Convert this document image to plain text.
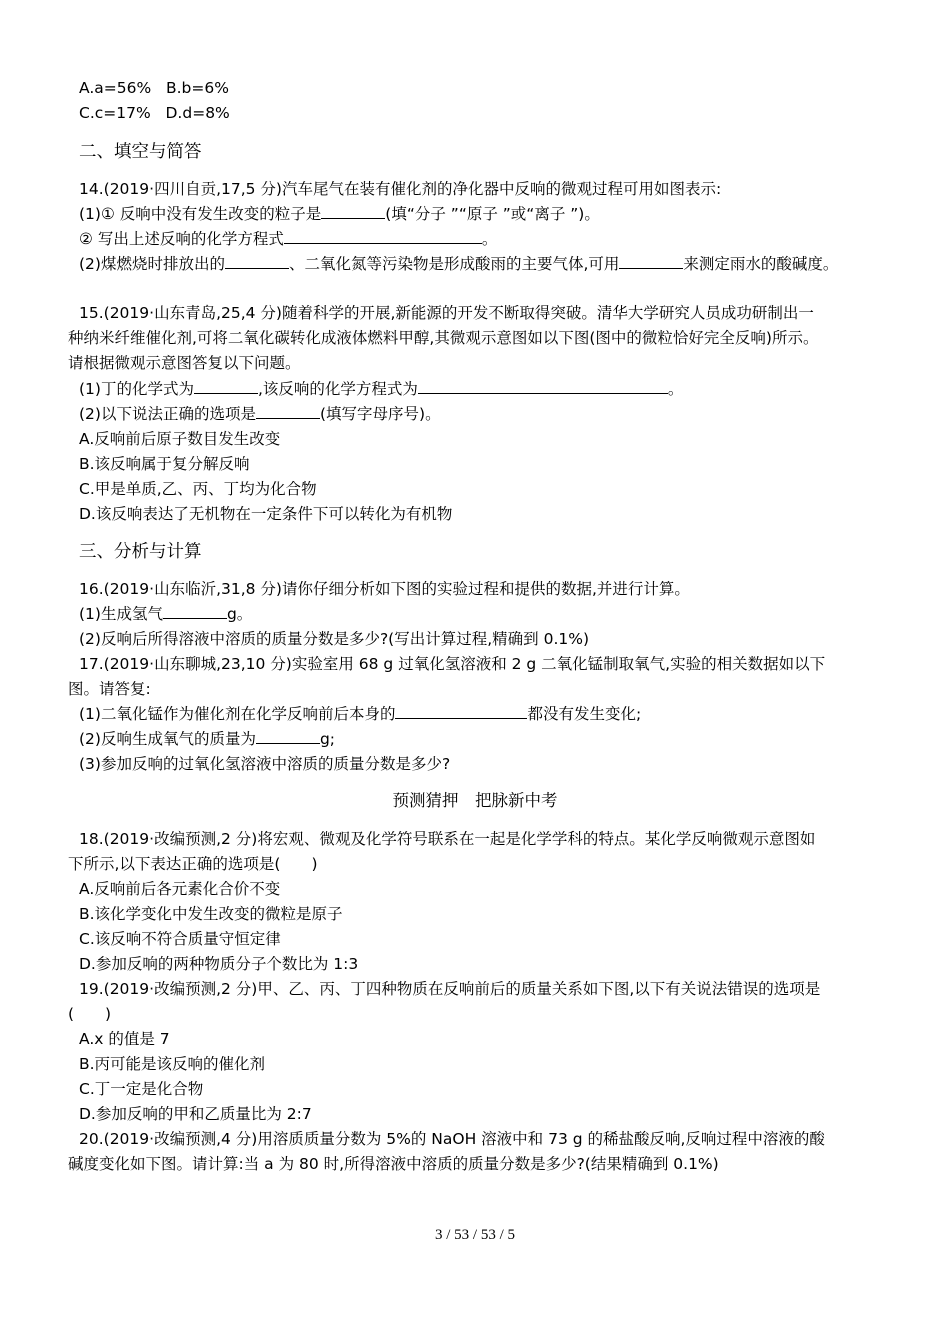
A.a=56% B.b=6%
C.c=17% D.d=8%
二、填空与简答
14.(2019·四川自贡,17,5 分)汽车尾气在装有催化剂的净化器中反响的微观过程可用如图表示:
(1)① 反响中没有发生改变的粒子是	(填“分子 ”“原子 ”或“离子 ”)。
② 写出上述反响的化学方程式	。
(2)煤燃烧时排放出的	、二氧化氮等污染物是形成酸雨的主要气体,可用	来测定雨水的酸碱度。
15.(2019·山东青岛,25,4 分)随着科学的开展,新能源的开发不断取得突破。清华大学研究人员成功研制出一
种纳米纤维催化剂,可将二氧化碳转化成液体燃料甲醇,其微观示意图如以下图(图中的微粒恰好完全反响)所示。
请根据微观示意图答复以下问题。
(1)丁的化学式为	,该反响的化学方程式为	。
(2)以下说法正确的选项是	(填写字母序号)。
A.反响前后原子数目发生改变
B.该反响属于复分解反响
C.甲是单质,乙、丙、丁均为化合物
D.该反响表达了无机物在一定条件下可以转化为有机物
三、分析与计算
16.(2019·山东临沂,31,8 分)请你仔细分析如下图的实验过程和提供的数据,并进行计算。
(1)生成氢气	g。
(2)反响后所得溶液中溶质的质量分数是多少?(写出计算过程,精确到 0.1%)
17.(2019·山东聊城,23,10 分)实验室用 68 g 过氧化氢溶液和 2 g 二氧化锰制取氧气,实验的相关数据如以下
图。请答复:
(1)二氧化锰作为催化剂在化学反响前后本身的	都没有发生变化;
(2)反响生成氧气的质量为	g;
(3)参加反响的过氧化氢溶液中溶质的质量分数是多少?
预测猜押　把脉新中考
18.(2019·改编预测,2 分)将宏观、微观及化学符号联系在一起是化学学科的特点。某化学反响微观示意图如
下所示,以下表达正确的选项是(　　)
A.反响前后各元素化合价不变
B.该化学变化中发生改变的微粒是原子
C.该反响不符合质量守恒定律
D.参加反响的两种物质分子个数比为 1:3
19.(2019·改编预测,2 分)甲、乙、丙、丁四种物质在反响前后的质量关系如下图,以下有关说法错误的选项是
(　　)
A.x 的值是 7
B.丙可能是该反响的催化剂
C.丁一定是化合物
D.参加反响的甲和乙质量比为 2:7
20.(2019·改编预测,4 分)用溶质质量分数为 5%的 NaOH 溶液中和 73 g 的稀盐酸反响,反响过程中溶液的酸
碱度变化如下图。请计算:当 a 为 80 时,所得溶液中溶质的质量分数是多少?(结果精确到 0.1%)
3 / 53 / 53 / 5
